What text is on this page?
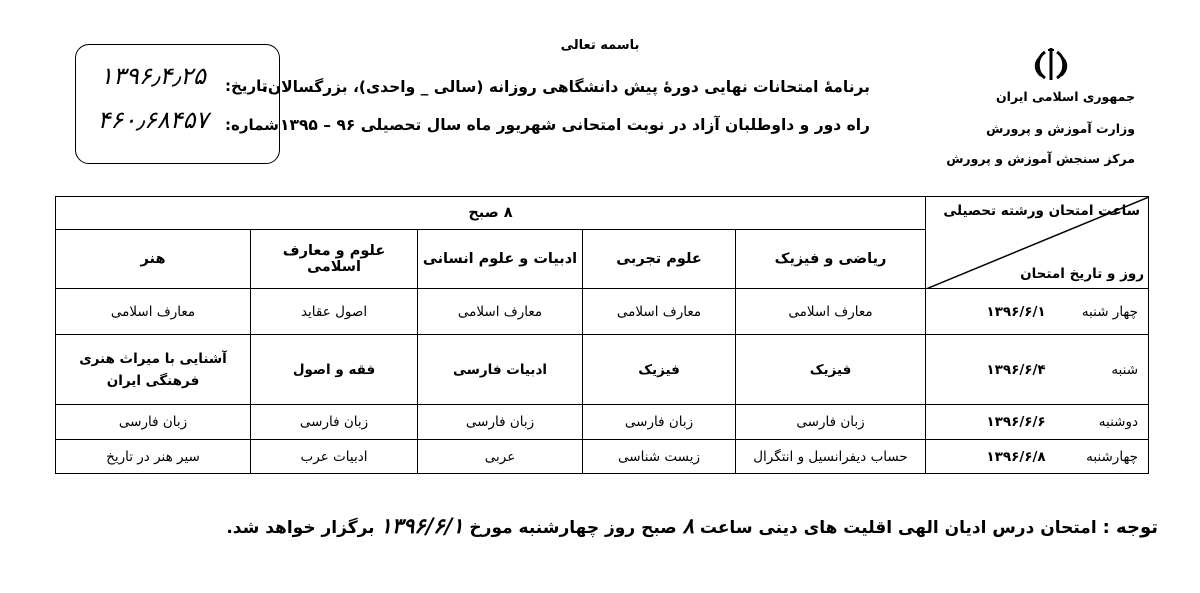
باسمه تعالی
برنامۀ امتحانات نهایی دورۀ پیش دانشگاهی روزانه (سالی _ واحدی)، بزرگسالان،
راه دور و داوطلبان آزاد در نوبت امتحانی شهریور ماه سال تحصیلی ۹۶ – ۱۳۹۵
جمهوری اسلامی ایران
وزارت آموزش و پرورش
مرکز سنجش آموزش و پرورش
تاریخ:
شماره:
۱۳۹۶٫۴٫۲۵
۴۶۰٫۶۸۴۵۷
ساعت امتحان ورشته تحصیلی
روز و تاریخ امتحان	۸ صبح				
	ریاضی و فیزیک	علوم تجربی	ادبیات و علوم انسانی	علوم و معارف اسلامی	هنر
چهار شنبه۱۳۹۶/۶/۱	معارف اسلامی	معارف اسلامی	معارف اسلامی	اصول عقاید	معارف اسلامی
شنبه۱۳۹۶/۶/۴	فیزیک	فیزیک	ادبیات فارسی	فقه و اصول	آشنایی با میراث هنری فرهنگی ایران
دوشنبه۱۳۹۶/۶/۶	زبان فارسی	زبان فارسی	زبان فارسی	زبان فارسی	زبان فارسی
چهارشنبه۱۳۹۶/۶/۸	حساب دیفرانسیل و انتگرال	زیست شناسی	عربی	ادبیات عرب	سیر هنر در تاریخ
توجه : امتحان درس ادیان الهی اقلیت های دینی ساعت ۸ صبح روز چهارشنبه مورخ ۱۳۹۶/۶/۱ برگزار خواهد شد.
